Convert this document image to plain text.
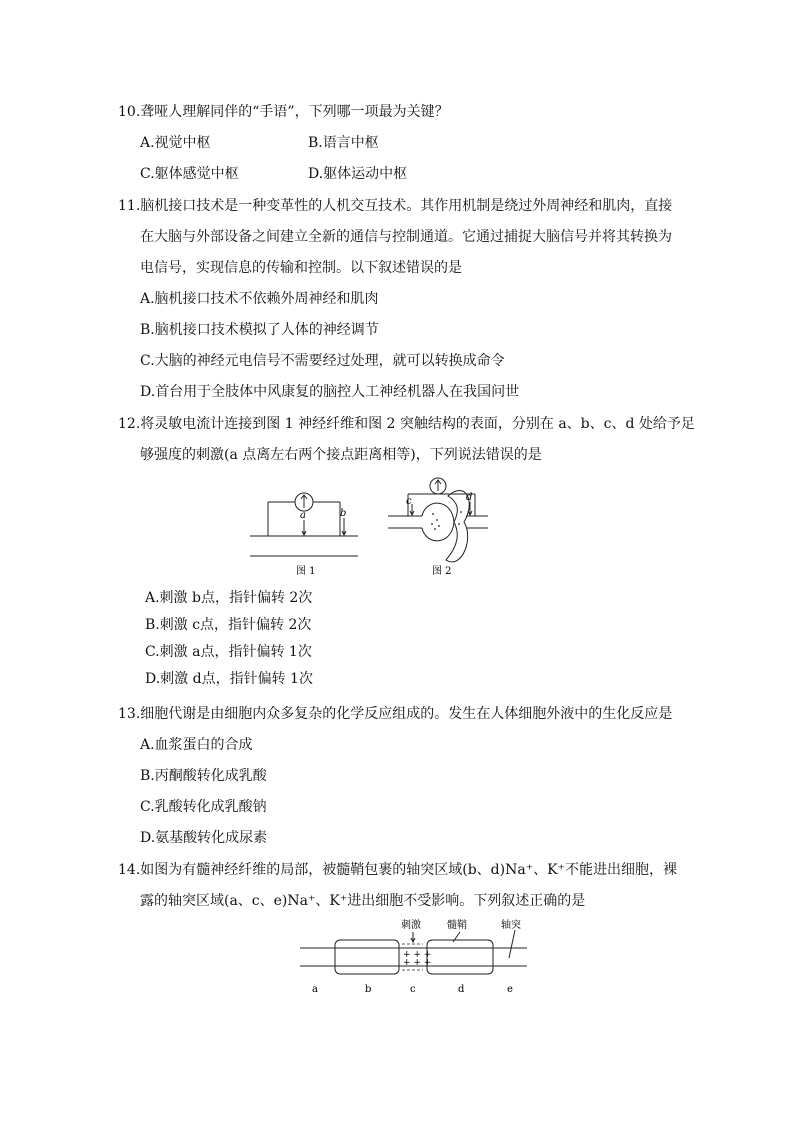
10.聋哑人理解同伴的“手语”，下列哪一项最为关键？
A.视觉中枢	B.语言中枢
C.躯体感觉中枢	D.躯体运动中枢
11.脑机接口技术是一种变革性的人机交互技术。其作用机制是绕过外周神经和肌肉，直接
在大脑与外部设备之间建立全新的通信与控制通道。它通过捕捉大脑信号并将其转换为
电信号，实现信息的传输和控制。以下叙述错误的是
A.脑机接口技术不依赖外周神经和肌肉
B.脑机接口技术模拟了人体的神经调节
C.大脑的神经元电信号不需要经过处理，就可以转换成命令
D.首台用于全肢体中风康复的脑控人工神经机器人在我国问世
12.将灵敏电流计连接到图 1 神经纤维和图 2 突触结构的表面，分别在 a、b、c、d 处给予足
够强度的刺激(a 点离左右两个接点距离相等)，下列说法错误的是
a	b
图 1
c	d
图 2
A.刺激 b点，指针偏转 2次
B.刺激 c点，指针偏转 2次
C.刺激 a点，指针偏转 1次
D.刺激 d点，指针偏转 1次
13.细胞代谢是由细胞内众多复杂的化学反应组成的。发生在人体细胞外液中的生化反应是
A.血浆蛋白的合成
B.丙酮酸转化成乳酸
C.乳酸转化成乳酸钠
D.氨基酸转化成尿素
14.如图为有髓神经纤维的局部，被髓鞘包裹的轴突区域(b、d)Na⁺、K⁺不能进出细胞，裸
露的轴突区域(a、c、e)Na⁺、K⁺进出细胞不受影响。下列叙述正确的是
+ + +
+ + +
刺激	髓鞘	轴突
a	b	c	d	e
